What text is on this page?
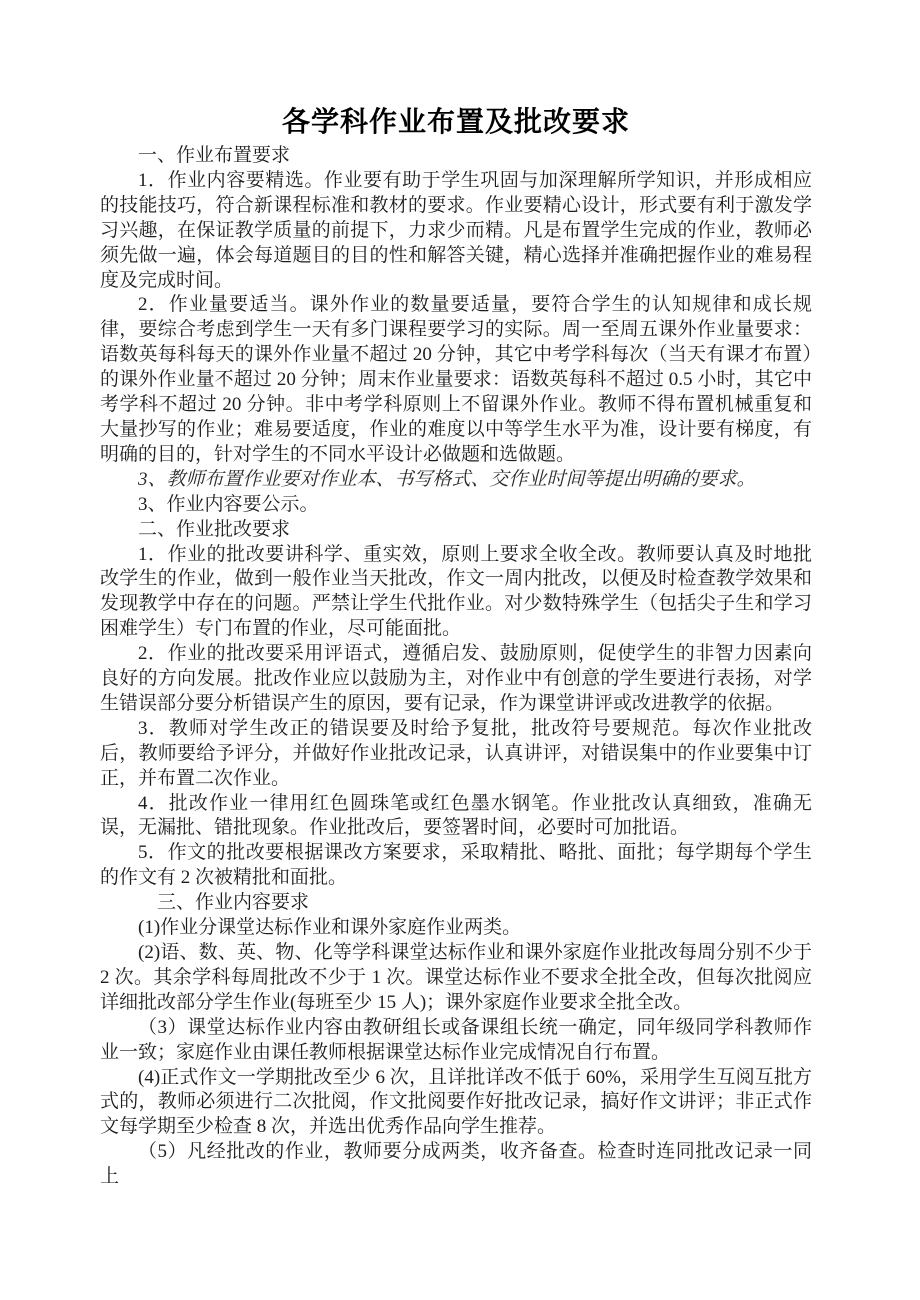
各学科作业布置及批改要求

一、作业布置要求

1．作业内容要精选。作业要有助于学生巩固与加深理解所学知识，并形成相应的技能技巧，符合新课程标准和教材的要求。作业要精心设计，形式要有利于激发学习兴趣，在保证教学质量的前提下，力求少而精。凡是布置学生完成的作业，教师必须先做一遍，体会每道题目的目的性和解答关键，精心选择并准确把握作业的难易程度及完成时间。

2．作业量要适当。课外作业的数量要适量，要符合学生的认知规律和成长规律，要综合考虑到学生一天有多门课程要学习的实际。周一至周五课外作业量要求：语数英每科每天的课外作业量不超过 20 分钟，其它中考学科每次（当天有课才布置）的课外作业量不超过 20 分钟；周末作业量要求：语数英每科不超过 0.5 小时，其它中考学科不超过 20 分钟。非中考学科原则上不留课外作业。教师不得布置机械重复和大量抄写的作业；难易要适度，作业的难度以中等学生水平为准，设计要有梯度，有明确的目的，针对学生的不同水平设计必做题和选做题。

3、教师布置作业要对作业本、书写格式、交作业时间等提出明确的要求。

3、作业内容要公示。

二、作业批改要求

1．作业的批改要讲科学、重实效，原则上要求全收全改。教师要认真及时地批改学生的作业，做到一般作业当天批改，作文一周内批改，以便及时检查教学效果和发现教学中存在的问题。严禁让学生代批作业。对少数特殊学生（包括尖子生和学习困难学生）专门布置的作业，尽可能面批。

2．作业的批改要采用评语式，遵循启发、鼓励原则，促使学生的非智力因素向良好的方向发展。批改作业应以鼓励为主，对作业中有创意的学生要进行表扬，对学生错误部分要分析错误产生的原因，要有记录，作为课堂讲评或改进教学的依据。

3．教师对学生改正的错误要及时给予复批，批改符号要规范。每次作业批改后，教师要给予评分，并做好作业批改记录，认真讲评，对错误集中的作业要集中订正，并布置二次作业。

4．批改作业一律用红色圆珠笔或红色墨水钢笔。作业批改认真细致，准确无误，无漏批、错批现象。作业批改后，要签署时间，必要时可加批语。

5．作文的批改要根据课改方案要求，采取精批、略批、面批；每学期每个学生的作文有 2 次被精批和面批。

三、作业内容要求

(1)作业分课堂达标作业和课外家庭作业两类。

(2)语、数、英、物、化等学科课堂达标作业和课外家庭作业批改每周分别不少于 2 次。其余学科每周批改不少于 1 次。课堂达标作业不要求全批全改，但每次批阅应详细批改部分学生作业(每班至少 15 人)；课外家庭作业要求全批全改。

（3）课堂达标作业内容由教研组长或备课组长统一确定，同年级同学科教师作业一致；家庭作业由课任教师根据课堂达标作业完成情况自行布置。

(4)正式作文一学期批改至少 6 次，且详批详改不低于 60%，采用学生互阅互批方式的，教师必须进行二次批阅，作文批阅要作好批改记录，搞好作文讲评；非正式作文每学期至少检查 8 次，并选出优秀作品向学生推荐。

（5）凡经批改的作业，教师要分成两类，收齐备查。检查时连同批改记录一同上
